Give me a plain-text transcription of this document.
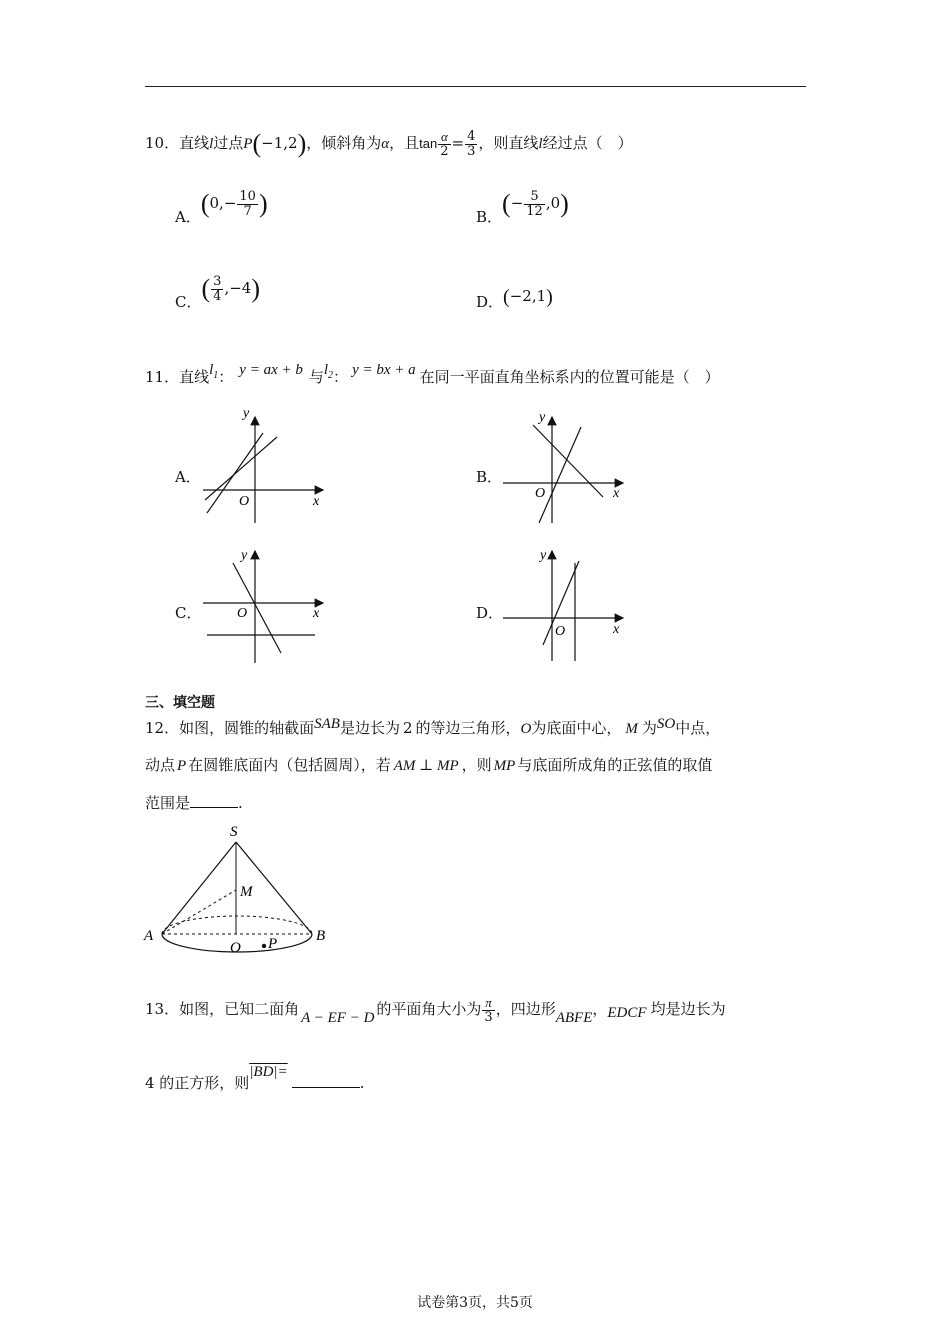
10．直线l过点P(−1,2)，倾斜角为α，且$\tan \frac{\alpha}{2} = \frac{4}{3}$ ，则直线l经过点（　）
A．($0,- \frac{10}{7}$ )	B．(− $\frac{5}{12} ,0$)
C．( $\frac{3}{4} ,-4$)	D．(−2,1)
11．直线$l_1$： y = ax + b 与$l_2$： y = bx + a 在同一平面直角坐标系内的位置可能是（　）
A．	B．
C．	D．
y
x
O
y
x
O
y
x
O
y
x
O
三、填空题
12．如图，圆锥的轴截面SAB是边长为 2 的等边三角形，O为底面中心， M 为SO中点，
动点 P 在圆锥底面内（包括圆周），若 AM ⊥ MP ，则 MP 与底面所成角的正弦值的取值
范围是	.
S
M
A
O P	B
13．如图，已知二面角 A − EF − D 的平面角大小为 $\frac{\pi}{3}$ ，四边形ABFE，EDCF 均是边长为
4 的正方形，则|BD|=.
试卷第3页，共5页
